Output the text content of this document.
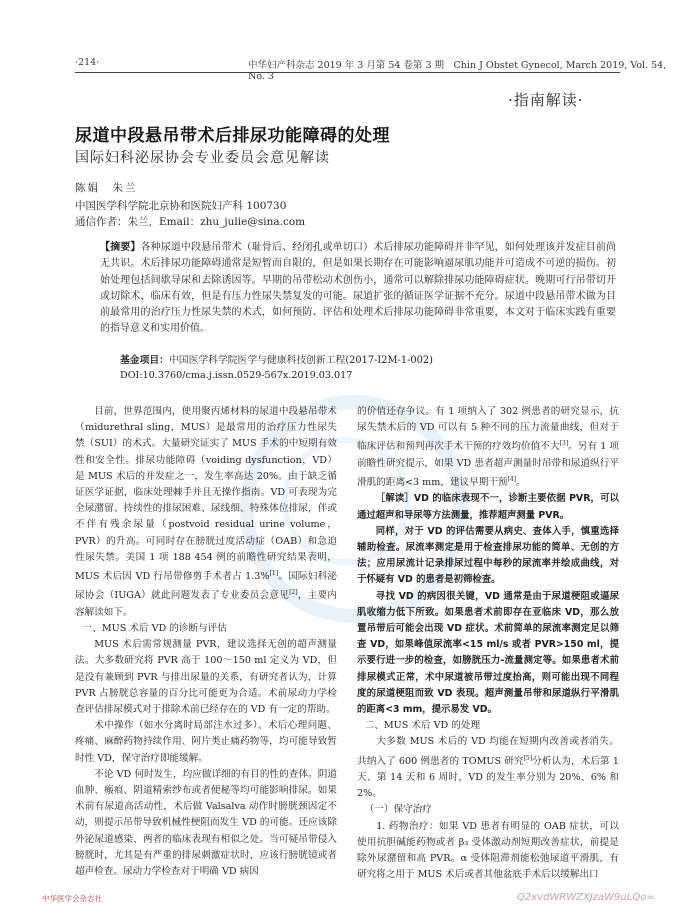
·214·	中华妇产科杂志 2019 年 3 月第 54 卷第 3 期　Chin J Obstet Gynecol, March 2019, Vol. 54, No. 3
·指南解读·
尿道中段悬吊带术后排尿功能障碍的处理
国际妇科泌尿协会专业委员会意见解读
陈娟　朱兰
中国医学科学院北京协和医院妇产科 100730
通信作者：朱兰，Email：zhu_julie@sina.com
【摘要】各种尿道中段悬吊带术（耻骨后、经闭孔或单切口）术后排尿功能障碍并非罕见，如何处理该并发症目前尚无共识。术后排尿功能障碍通常是短暂而自限的，但是如果长期存在可能影响逼尿肌功能并可造成不可逆的损伤。初始处理包括间歇导尿和去除诱因等。早期的吊带松动术创伤小，通常可以解除排尿功能障碍症状。晚期可行吊带切开或切除术，临床有效，但是有压力性尿失禁复发的可能。尿道扩张的循证医学证据不充分。尿道中段悬吊带术做为目前最常用的治疗压力性尿失禁的术式，如何预防、评估和处理术后排尿功能障碍非常重要，本文对于临床实践有重要的指导意义和实用价值。
基金项目：中国医学科学院医学与健康科技创新工程(2017-I2M-1-002)
DOI:10.3760/cma.j.issn.0529-567x.2019.03.017

目前，世界范围内，使用聚丙烯材料的尿道中段悬吊带术（midurethral sling，MUS）是最常用的治疗压力性尿失禁（SUI）的术式。大量研究证实了 MUS 手术的中短期有效性和安全性。排尿功能障碍（voiding dysfunction，VD）是 MUS 术后的并发症之一，发生率高达 20%。由于缺乏循证医学证据，临床处理棘手并且无操作指南。VD 可表现为完全尿潴留、持续性的排尿困难、尿线细、特殊体位排尿，伴或不伴有残余尿量（postvoid residual urine volume，PVR）的升高。可同时存在膀胱过度活动症（OAB）和急迫性尿失禁。美国 1 项 188 454 例的前瞻性研究结果表明，MUS 术后因 VD 行吊带修剪手术者占 1.3%[1]。国际妇科泌尿协会（IUGA）就此问题发表了专业委员会意见[2]，主要内容解读如下。

一、MUS 术后 VD 的诊断与评估

MUS 术后需常规测量 PVR，建议选择无创的超声测量法。大多数研究将 PVR 高于 100～150 ml 定义为 VD，但是没有兼顾到 PVR 与排出尿量的关系，有研究者认为，计算 PVR 占膀胱总容量的百分比可能更为合适。术前尿动力学检查评估排尿模式对于排除术前已经存在的 VD 有一定的帮助。

术中操作（如水分离时局部注水过多）、术后心理问题、疼痛、麻醉药物持续作用、阿片类止痛药物等，均可能导致暂时性 VD，保守治疗即能缓解。

不论 VD 何时发生，均应做详细的有目的性的查体。阴道血肿、瘢痕、阴道精索纱布或者便秘等均可能影响排尿。如果术前有尿道高活动性，术后做 Valsalva 动作时膀胱颈因定不动，则提示吊带导致机械性梗阻而发生 VD 的可能。还应该除外泌尿道感染、两者的临床表现有相似之处。当可疑吊带侵入膀胱时，尤其是有严重的排尿刺激症状时，应该行膀胱镜或者超声检查。尿动力学检查对于明确 VD 病因

的价值还存争议。有 1 项纳入了 302 例患者的研究显示，抗尿失禁术后的 VD 可以有 5 种不同的压力流量曲线，但对于临床评估和预判再次手术干预的疗效均价值不大[3]。另有 1 项前瞻性研究提示，如果 VD 患者超声测量时吊带和尿道纵行平滑肌的距离<3 mm，建议早期干预[4]。

［解读］VD 的临床表现不一，诊断主要依据 PVR，可以通过超声和导尿等方法测量，推荐超声测量 PVR。

同样，对于 VD 的评估需要从病史、查体入手，慎重选择辅助检查。尿流率测定是用于检查排尿功能的简单、无创的方法；应用尿流计记录排尿过程中每秒的尿流率并绘成曲线，对于怀疑有 VD 的患者是初筛检查。

寻找 VD 的病因很关键，VD 通常是由于尿道梗阻或逼尿肌收缩力低下所致。如果患者术前即存在亚临床 VD，那么放置吊带后可能会出现 VD 症状。术前简单的尿流率测定足以筛查 VD，如果峰值尿流率<15 ml/s 或者 PVR>150 ml，提示要行进一步的检查，如膀胱压力-流量测定等。如果患者术前排尿模式正常，术中尿道被吊带过度抬高，则可能出现不同程度的尿道梗阻而致 VD 表现。超声测量吊带和尿道纵行平滑肌的距离<3 mm，提示易发 VD。

二、MUS 术后 VD 的处理

大多数 MUS 术后的 VD 均能在短期内改善或者消失。共纳入了 600 例患者的 TOMUS 研究[5]分析认为，术后第 1 天、第 14 天和 6 周时，VD 的发生率分别为 20%、6% 和 2%。

（一）保守治疗

1. 药物治疗：如果 VD 患者有明显的 OAB 症状，可以使用抗胆碱能药物或者 β₃ 受体激动剂短期改善症状，前提是除外尿潴留和高 PVR。α 受体阻滞剂能松弛尿道平滑肌，有研究将之用于 MUS 术后或者其他盆底手术后以缓解出口

中华医学会杂志社	Q2xvdWRWZXJzaW9uLQo=
